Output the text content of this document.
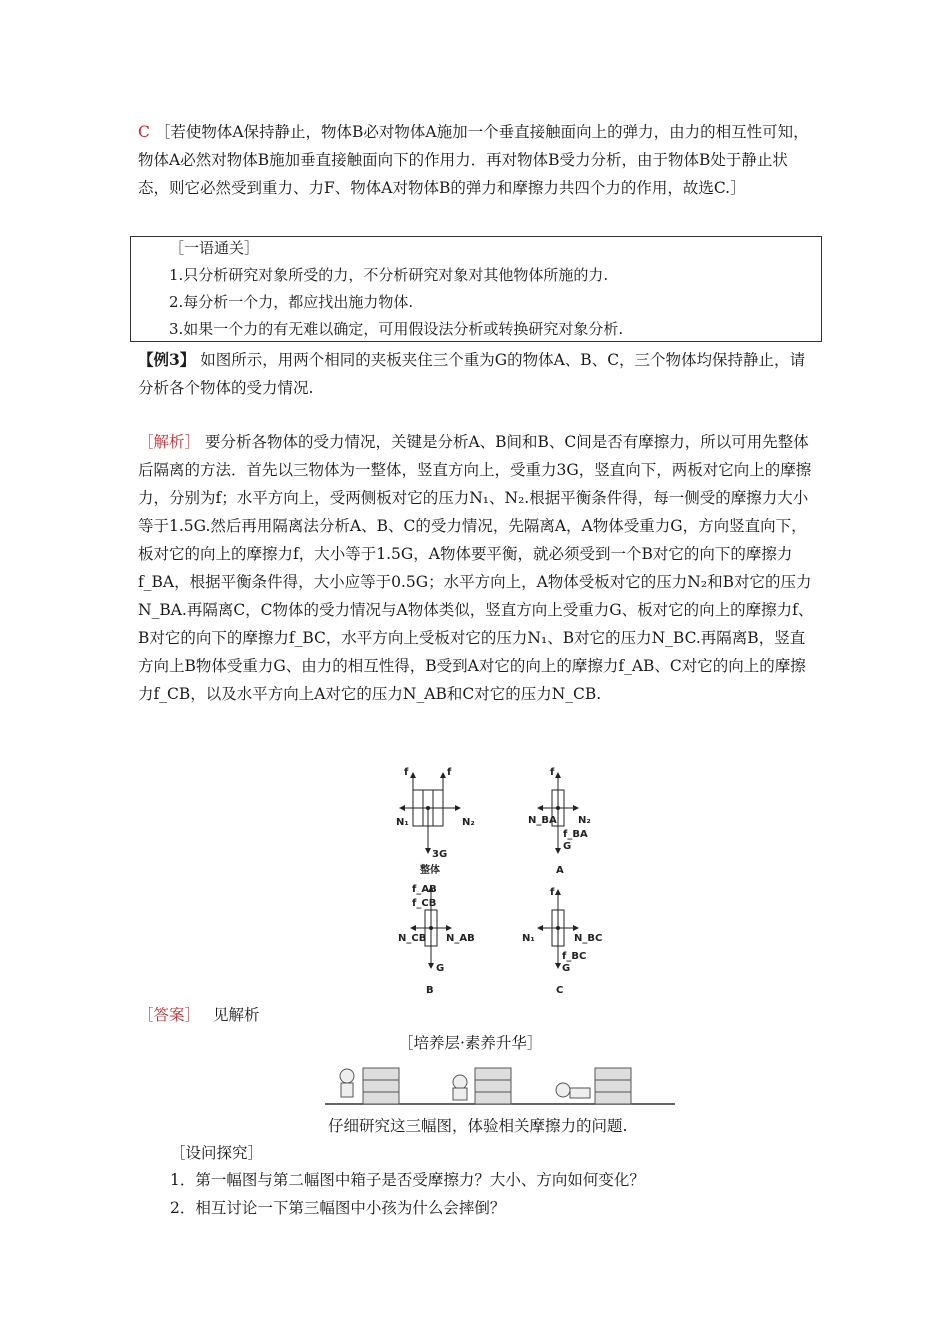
C ［若使物体A保持静止，物体B必对物体A施加一个垂直接触面向上的弹力，由力的相互性可知，物体A必然对物体B施加垂直接触面向下的作用力．再对物体B受力分析，由于物体B处于静止状态，则它必然受到重力、力F、物体A对物体B的弹力和摩擦力共四个力的作用，故选C.］

［一语通关］
1.只分析研究对象所受的力，不分析研究对象对其他物体所施的力.
2.每分析一个力，都应找出施力物体.
3.如果一个力的有无难以确定，可用假设法分析或转换研究对象分析.

【例3】 如图所示，用两个相同的夹板夹住三个重为G的物体A、B、C，三个物体均保持静止，请分析各个物体的受力情况.

［解析］ 要分析各物体的受力情况，关键是分析A、B间和B、C间是否有摩擦力，所以可用先整体后隔离的方法．首先以三物体为一整体，竖直方向上，受重力3G，竖直向下，两板对它向上的摩擦力，分别为f；水平方向上，受两侧板对它的压力N₁、N₂.根据平衡条件得，每一侧受的摩擦力大小等于1.5G.然后再用隔离法分析A、B、C的受力情况，先隔离A，A物体受重力G，方向竖直向下，板对它的向上的摩擦力f，大小等于1.5G，A物体要平衡，就必须受到一个B对它的向下的摩擦力f_BA，根据平衡条件得，大小应等于0.5G；水平方向上，A物体受板对它的压力N₂和B对它的压力N_BA.再隔离C，C物体的受力情况与A物体类似，竖直方向上受重力G、板对它的向上的摩擦力f、B对它的向下的摩擦力f_BC，水平方向上受板对它的压力N₁、B对它的压力N_BC.再隔离B，竖直方向上B物体受重力G、由力的相互性得，B受到A对它的向上的摩擦力f_AB、C对它的向上的摩擦力f_CB，以及水平方向上A对它的压力N_AB和C对它的压力N_CB.

f	f
N₁	N₂
3G
整体
f
N_BA N₂
f_BA
G
A
f_AB
f_CB
N_CB N_AB
G
B
f
N₁	N_BC
f_BC
G
C

［答案］ 见解析

［培养层·素养升华］
仔细研究这三幅图，体验相关摩擦力的问题.
［设问探究］
1．第一幅图与第二幅图中箱子是否受摩擦力？大小、方向如何变化？
2．相互讨论一下第三幅图中小孩为什么会摔倒？
